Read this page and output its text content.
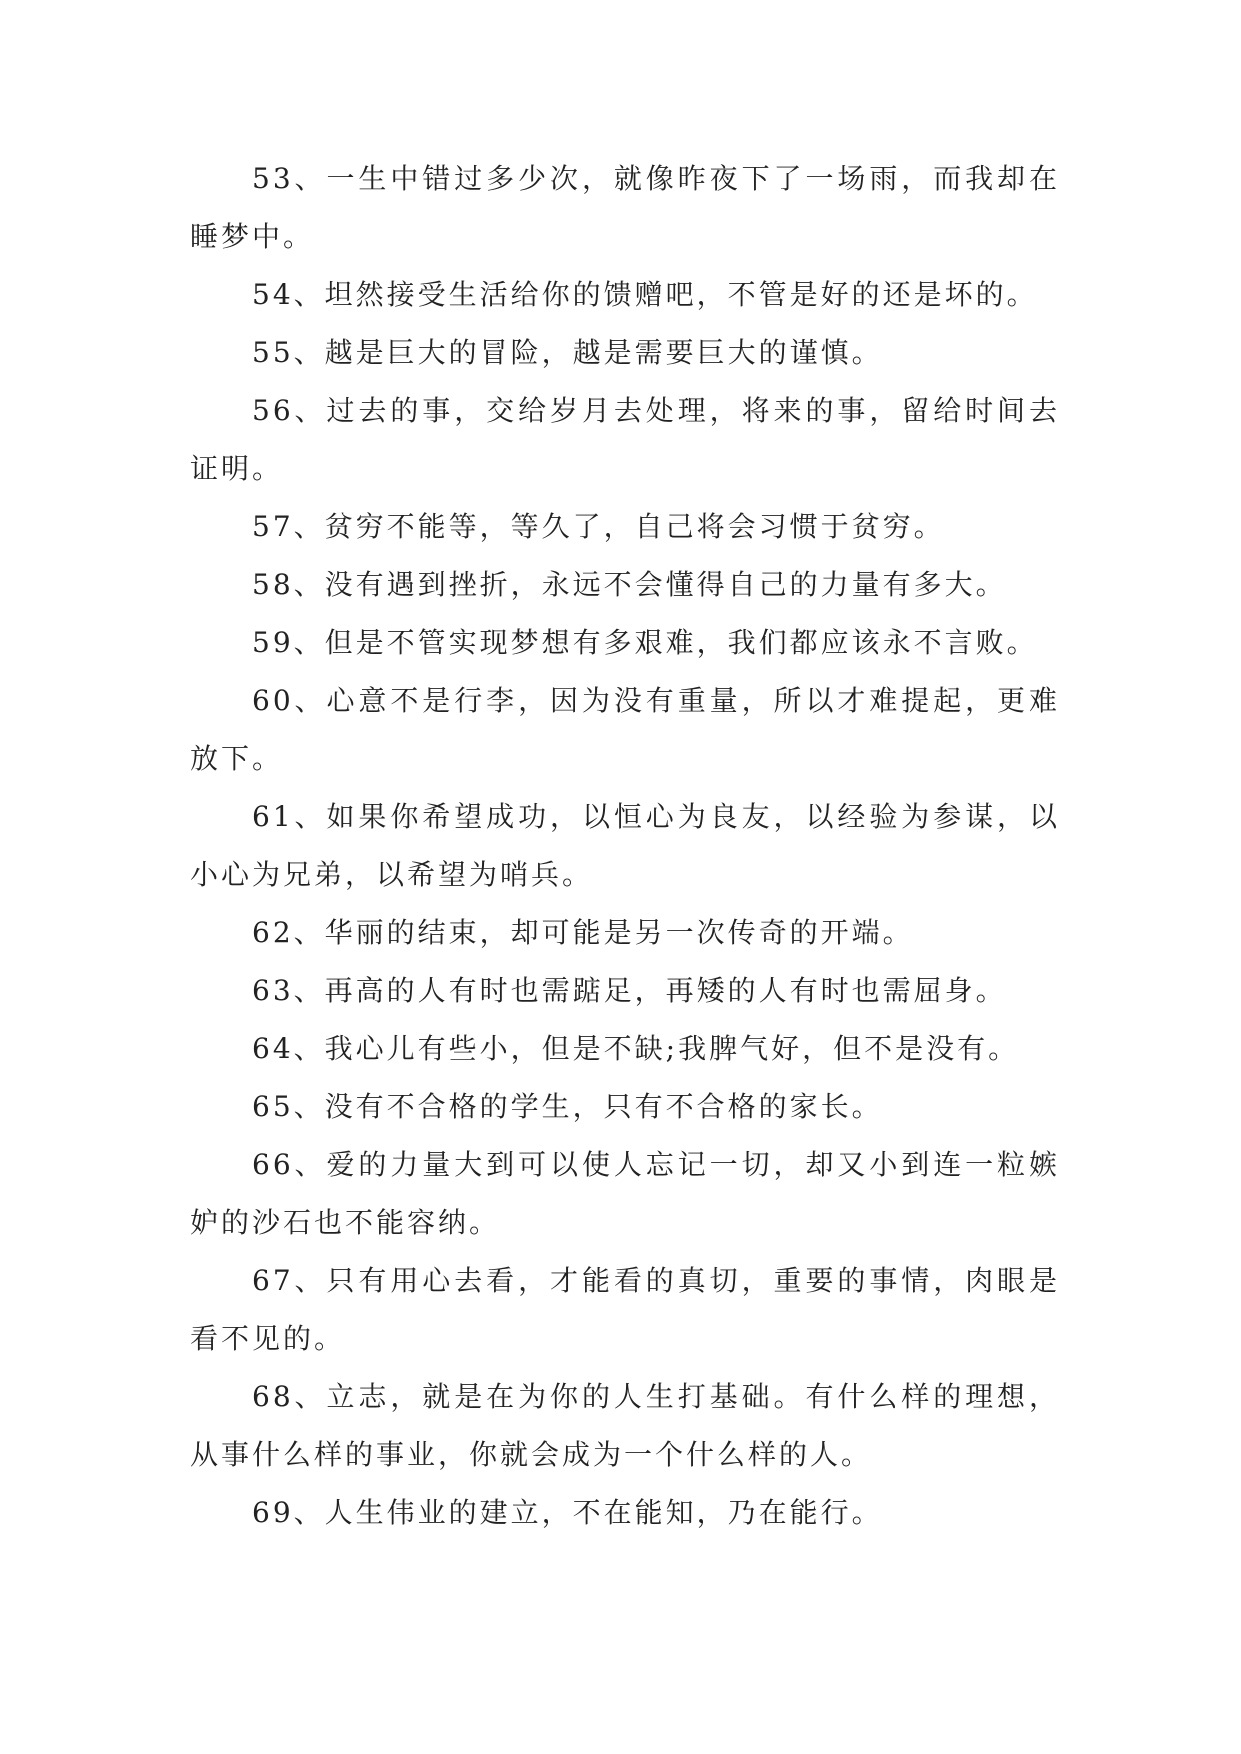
53、一生中错过多少次，就像昨夜下了一场雨，而我却在睡梦中。

54、坦然接受生活给你的馈赠吧，不管是好的还是坏的。

55、越是巨大的冒险，越是需要巨大的谨慎。

56、过去的事，交给岁月去处理，将来的事，留给时间去证明。

57、贫穷不能等，等久了，自己将会习惯于贫穷。

58、没有遇到挫折，永远不会懂得自己的力量有多大。

59、但是不管实现梦想有多艰难，我们都应该永不言败。

60、心意不是行李，因为没有重量，所以才难提起，更难放下。

61、如果你希望成功，以恒心为良友，以经验为参谋，以小心为兄弟，以希望为哨兵。

62、华丽的结束，却可能是另一次传奇的开端。

63、再高的人有时也需踮足，再矮的人有时也需屈身。

64、我心儿有些小，但是不缺;我脾气好，但不是没有。

65、没有不合格的学生，只有不合格的家长。

66、爱的力量大到可以使人忘记一切，却又小到连一粒嫉妒的沙石也不能容纳。

67、只有用心去看，才能看的真切，重要的事情，肉眼是看不见的。

68、立志，就是在为你的人生打基础。有什么样的理想，从事什么样的事业，你就会成为一个什么样的人。

69、人生伟业的建立，不在能知，乃在能行。
